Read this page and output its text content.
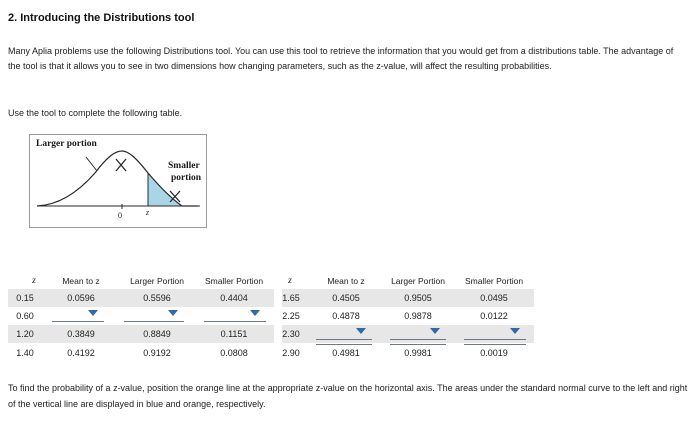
2. Introducing the Distributions tool
Many Aplia problems use the following Distributions tool. You can use this tool to retrieve the information that you would get from a distributions table. The advantage of the tool is that it allows you to see in two dimensions how changing parameters, such as the z-value, will affect the resulting probabilities.
Use the tool to complete the following table.
Larger portion
Smaller
portion
0	z
z	Mean to z	Larger Portion	Smaller Portion	z	Mean to z	Larger Portion	Smaller Portion
0.15	0.0596	0.5596	0.4404
0.60
1.20	0.3849	0.8849	0.1151
1.40	0.4192	0.9192	0.0808
1.65	0.4505	0.9505	0.0495
2.25	0.4878	0.9878	0.0122
2.30
2.90	0.4981	0.9981	0.0019
To find the probability of a z-value, position the orange line at the appropriate z-value on the horizontal axis. The areas under the standard normal curve to the left and right of the vertical line are displayed in blue and orange, respectively.
